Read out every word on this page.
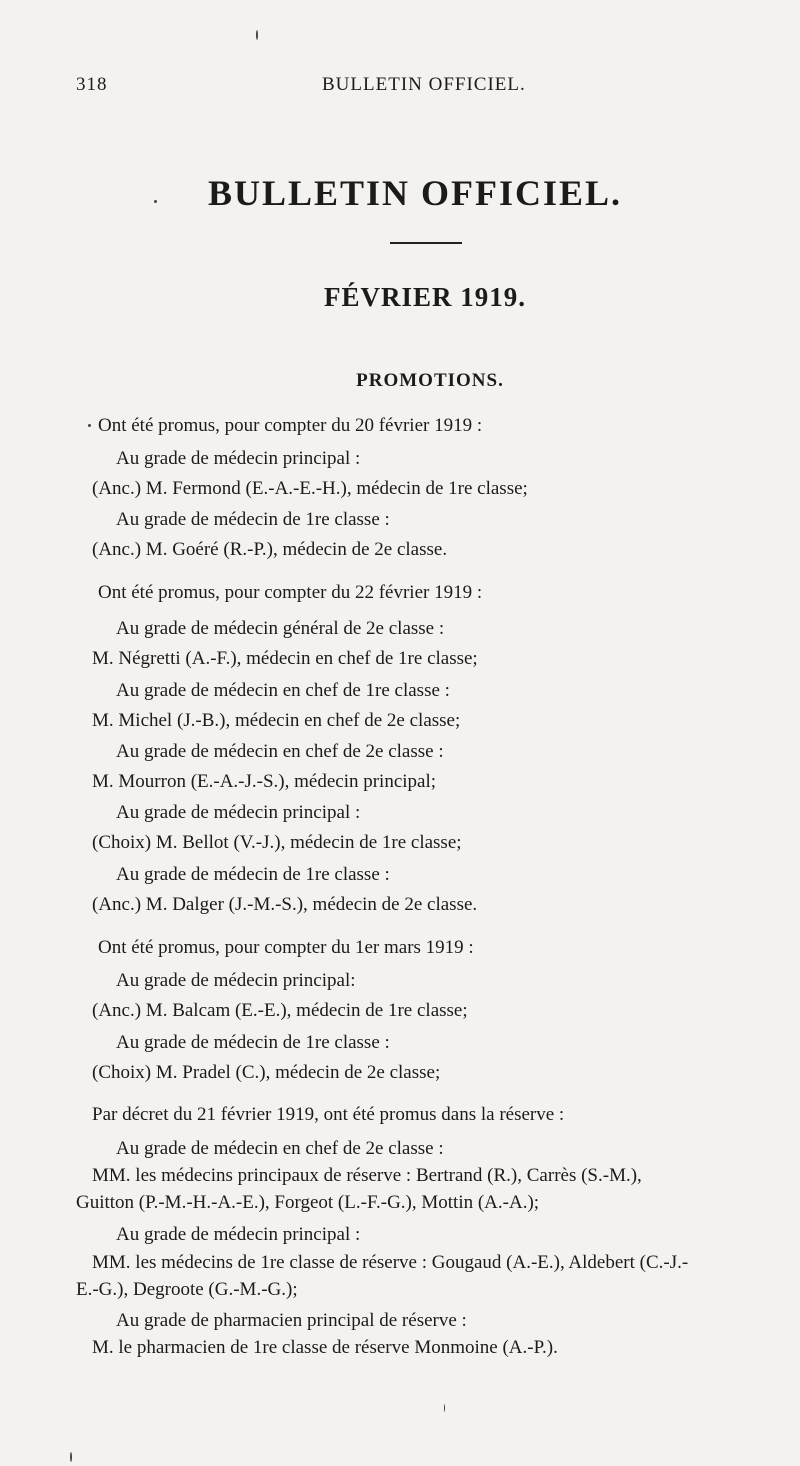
318	BULLETIN OFFICIEL.
BULLETIN OFFICIEL.
FÉVRIER 1919.
PROMOTIONS.
Ont été promus, pour compter du 20 février 1919 :
Au grade de médecin principal :
(Anc.) M. Fermond (E.-A.-E.-H.), médecin de 1re classe;
Au grade de médecin de 1re classe :
(Anc.) M. Goéré (R.-P.), médecin de 2e classe.
Ont été promus, pour compter du 22 février 1919 :
Au grade de médecin général de 2e classe :
M. Négretti (A.-F.), médecin en chef de 1re classe;
Au grade de médecin en chef de 1re classe :
M. Michel (J.-B.), médecin en chef de 2e classe;
Au grade de médecin en chef de 2e classe :
M. Mourron (E.-A.-J.-S.), médecin principal;
Au grade de médecin principal :
(Choix) M. Bellot (V.-J.), médecin de 1re classe;
Au grade de médecin de 1re classe :
(Anc.) M. Dalger (J.-M.-S.), médecin de 2e classe.
Ont été promus, pour compter du 1er mars 1919 :
Au grade de médecin principal:
(Anc.) M. Balcam (E.-E.), médecin de 1re classe;
Au grade de médecin de 1re classe :
(Choix) M. Pradel (C.), médecin de 2e classe;
Par décret du 21 février 1919, ont été promus dans la réserve :
Au grade de médecin en chef de 2e classe :
MM. les médecins principaux de réserve : Bertrand (R.), Carrès (S.-M.),
Guitton (P.-M.-H.-A.-E.), Forgeot (L.-F.-G.), Mottin (A.-A.);
Au grade de médecin principal :
MM. les médecins de 1re classe de réserve : Gougaud (A.-E.), Aldebert (C.-J.-
E.-G.), Degroote (G.-M.-G.);
Au grade de pharmacien principal de réserve :
M. le pharmacien de 1re classe de réserve Monmoine (A.-P.).
